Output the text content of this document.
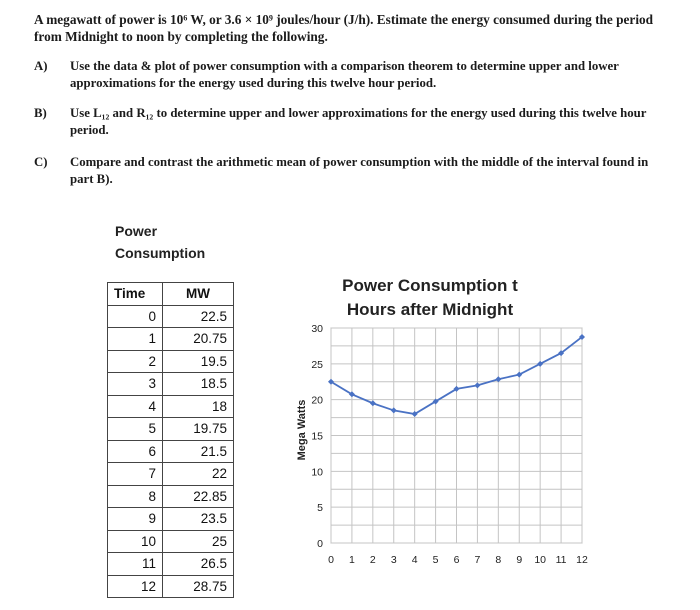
A megawatt of power is 10⁶ W, or 3.6 × 10⁹ joules/hour (J/h). Estimate the energy consumed during the period from Midnight to noon by completing the following.
A) Use the data & plot of power consumption with a comparison theorem to determine upper and lower approximations for the energy used during this twelve hour period.
B) Use L₁₂ and R₁₂ to determine upper and lower approximations for the energy used during this twelve hour period.
C) Compare and contrast the arithmetic mean of power consumption with the middle of the interval found in part B).
Power
Consumption
Time	MW
0	22.5
1	20.75
2	19.5
3	18.5
4	18
5	19.75
6	21.5
7	22
8	22.85
9	23.5
10	25
11	26.5
12	28.75
Power Consumption t
Hours after Midnight
Mega Watts
0
5
10
15
20
25
30
0 1 2 3 4 5 6 7 8 9 10 11 12
